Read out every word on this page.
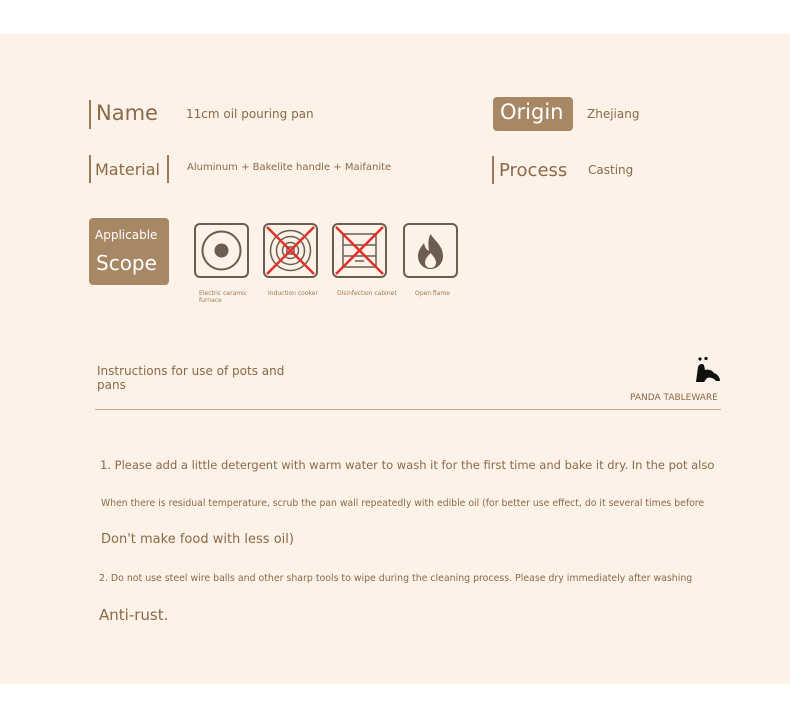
Name 11cm oil pouring pan	Origin Zhejiang
Material	Aluminum + Bakelite handle + Maifanite	Process Casting
Applicable
Scope
Electric ceramic furnace
Induction cooker	Disinfection cabinet	Open flame
Instructions for use of pots and pans
PANDA TABLEWARE
1. Please add a little detergent with warm water to wash it for the first time and bake it dry. In the pot also
When there is residual temperature, scrub the pan wall repeatedly with edible oil (for better use effect, do it several times before
Don't make food with less oil)
2. Do not use steel wire balls and other sharp tools to wipe during the cleaning process. Please dry immediately after washing
Anti-rust.
